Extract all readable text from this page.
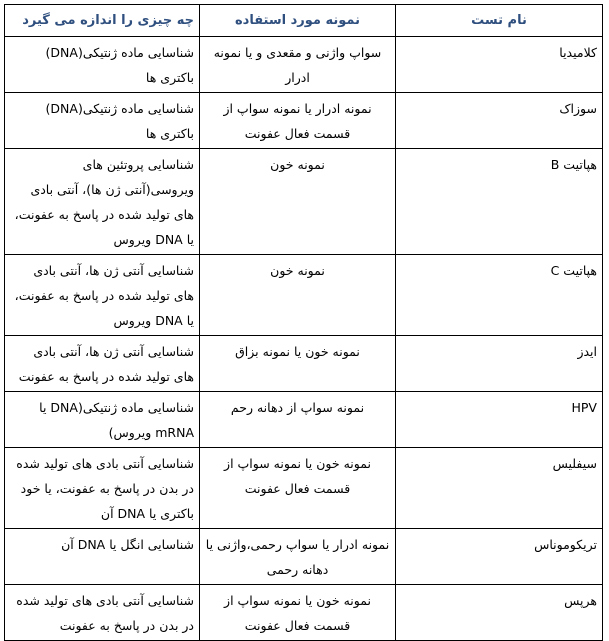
نام تست	نمونه مورد استفاده	چه چیزی را اندازه می گیرد
کلامیدیا	سواپ واژنی و مقعدی و یا نمونه ادرار	شناسایی ماده ژنتیکی(DNA) باکتری ها
سوزاک	نمونه ادرار یا نمونه سواپ از قسمت فعال عفونت	شناسایی ماده ژنتیکی(DNA) باکتری ها
هپاتیت B	نمونه خون	شناسایی پروتئین های ویروسی(آنتی ژن ها)، آنتی بادی های تولید شده در پاسخ به عفونت، یا DNA ویروس
هپاتیت C	نمونه خون	شناسایی آنتی ژن ها، آنتی بادی های تولید شده در پاسخ به عفونت، یا DNA ویروس
ایدز	نمونه خون یا نمونه بزاق	شناسایی آنتی ژن ها، آنتی بادی های تولید شده در پاسخ به عفونت
HPV	نمونه سواپ از دهانه رحم	شناسایی ماده ژنتیکی(DNA یا mRNA ویروس)
سیفلیس	نمونه خون یا نمونه سواپ از قسمت فعال عفونت	شناسایی آنتی بادی های تولید شده در بدن در پاسخ به عفونت، یا خود باکتری یا DNA آن
تریکوموناس	نمونه ادرار یا سواپ رحمی،واژنی یا دهانه رحمی	شناسایی انگل یا DNA آن
هرپس	نمونه خون یا نمونه سواپ از قسمت فعال عفونت	شناسایی آنتی بادی های تولید شده در بدن در پاسخ به عفونت
